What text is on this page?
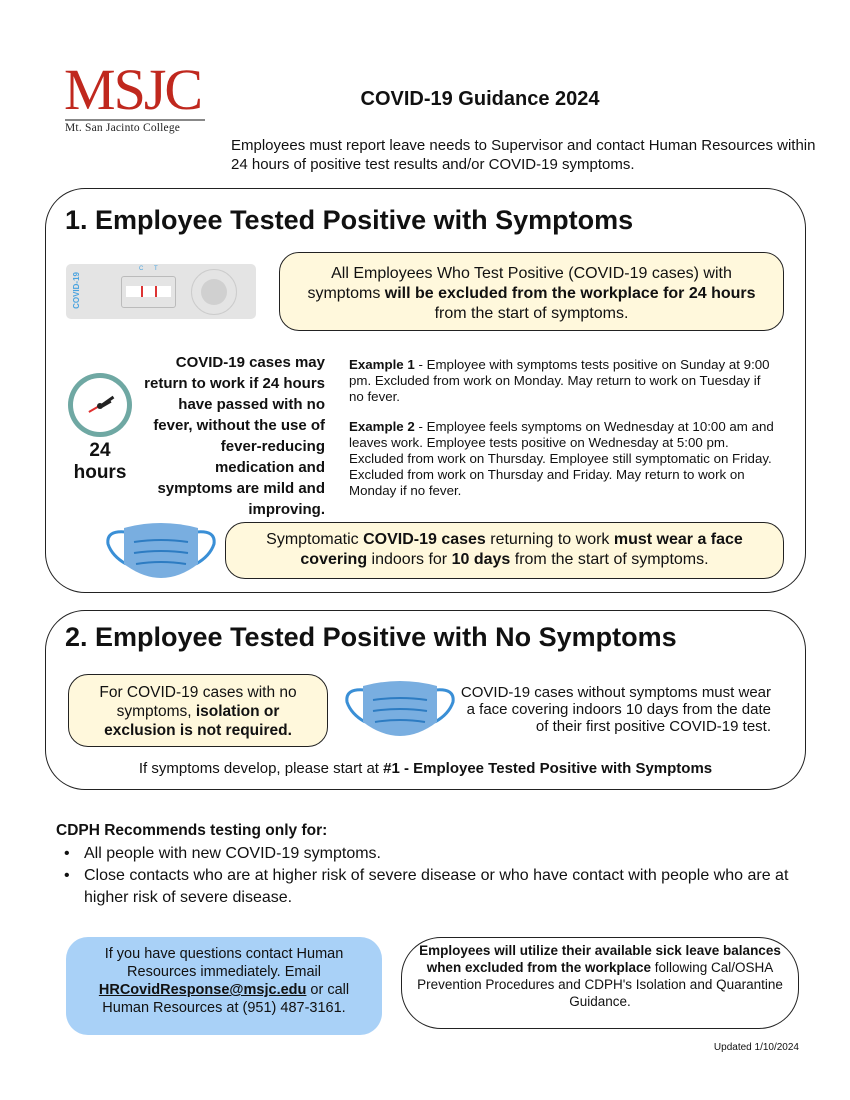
MSJC
Mt. San Jacinto College
COVID-19 Guidance 2024
Employees must report leave needs to Supervisor and contact Human Resources within 24 hours of positive test results and/or COVID-19 symptoms.
1. Employee Tested Positive with Symptoms
COVID-19
C T	All Employees Who Test Positive (COVID-19 cases) with symptoms will be excluded from the workplace for 24 hours from the start of symptoms.
24 hours
COVID-19 cases may return to work if 24 hours have passed with no fever, without the use of fever-reducing medication and symptoms are mild and improving.
Example 1 - Employee with symptoms tests positive on Sunday at 9:00 pm. Excluded from work on Monday. May return to work on Tuesday if no fever.
Example 2 - Employee feels symptoms on Wednesday at 10:00 am and leaves work. Employee tests positive on Wednesday at 5:00 pm. Excluded from work on Thursday. Employee still symptomatic on Friday. Excluded from work on Thursday and Friday. May return to work on Monday if no fever.
Symptomatic COVID-19 cases returning to work must wear a face covering indoors for 10 days from the start of symptoms.
2. Employee Tested Positive with No Symptoms
For COVID-19 cases with no symptoms, isolation or exclusion is not required.
COVID-19 cases without symptoms must wear a face covering indoors 10 days from the date of their first positive COVID-19 test.
If symptoms develop, please start at #1 - Employee Tested Positive with Symptoms
CDPH Recommends testing only for:
• All people with new COVID-19 symptoms.
• Close contacts who are at higher risk of severe disease or who have contact with people who are at higher risk of severe disease.
If you have questions contact Human Resources immediately. Email HRCovidResponse@msjc.edu or call Human Resources at (951) 487-3161.
Employees will utilize their available sick leave balances when excluded from the workplace following Cal/OSHA Prevention Procedures and CDPH's Isolation and Quarantine Guidance.
Updated 1/10/2024
